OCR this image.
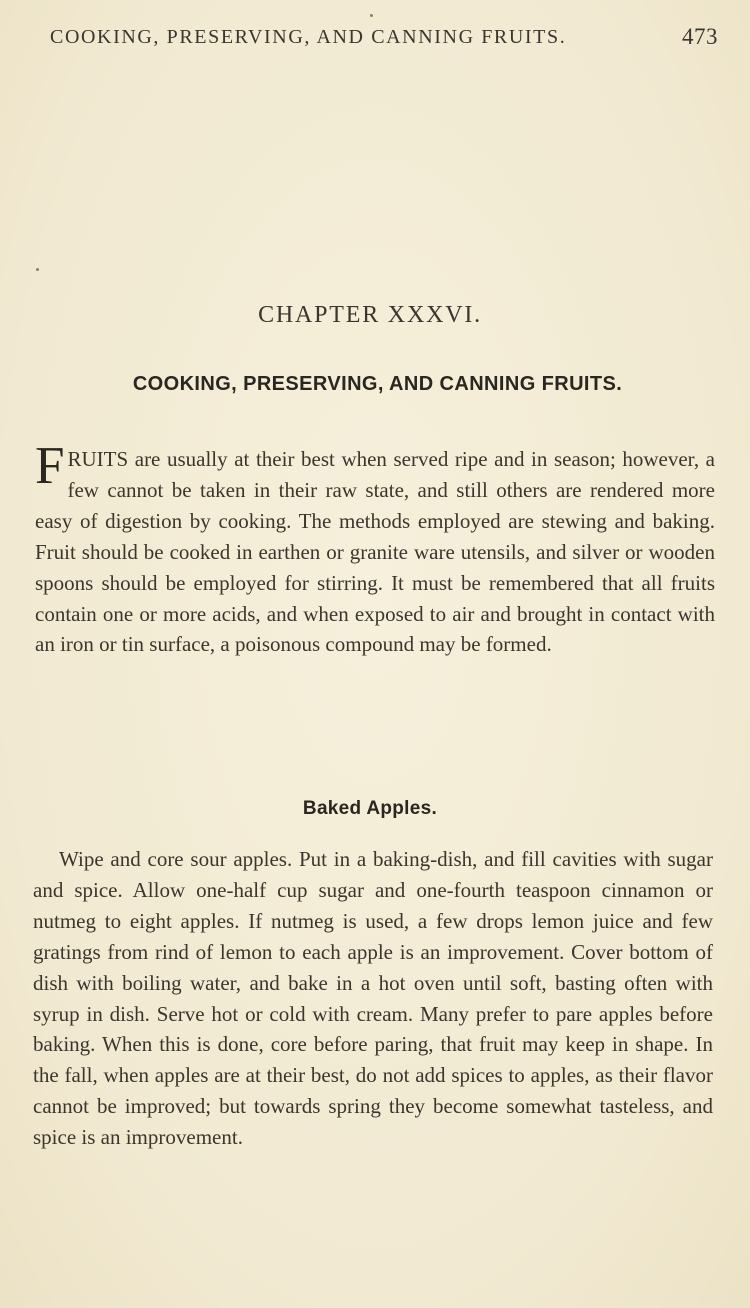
COOKING, PRESERVING, AND CANNING FRUITS.	473
CHAPTER XXXVI.
COOKING, PRESERVING, AND CANNING FRUITS.
FRUITS are usually at their best when served ripe and in season; however, a few cannot be taken in their raw state, and still others are rendered more easy of digestion by cooking. The methods employed are stewing and baking. Fruit should be cooked in earthen or granite ware utensils, and silver or wooden spoons should be employed for stirring. It must be remembered that all fruits contain one or more acids, and when exposed to air and brought in contact with an iron or tin surface, a poisonous compound may be formed.
Baked Apples.
Wipe and core sour apples. Put in a baking-dish, and fill cavities with sugar and spice. Allow one-half cup sugar and one-fourth teaspoon cinnamon or nutmeg to eight apples. If nutmeg is used, a few drops lemon juice and few gratings from rind of lemon to each apple is an improvement. Cover bottom of dish with boiling water, and bake in a hot oven until soft, basting often with syrup in dish. Serve hot or cold with cream. Many prefer to pare apples before baking. When this is done, core before paring, that fruit may keep in shape. In the fall, when apples are at their best, do not add spices to apples, as their flavor cannot be improved; but towards spring they become somewhat tasteless, and spice is an improvement.
